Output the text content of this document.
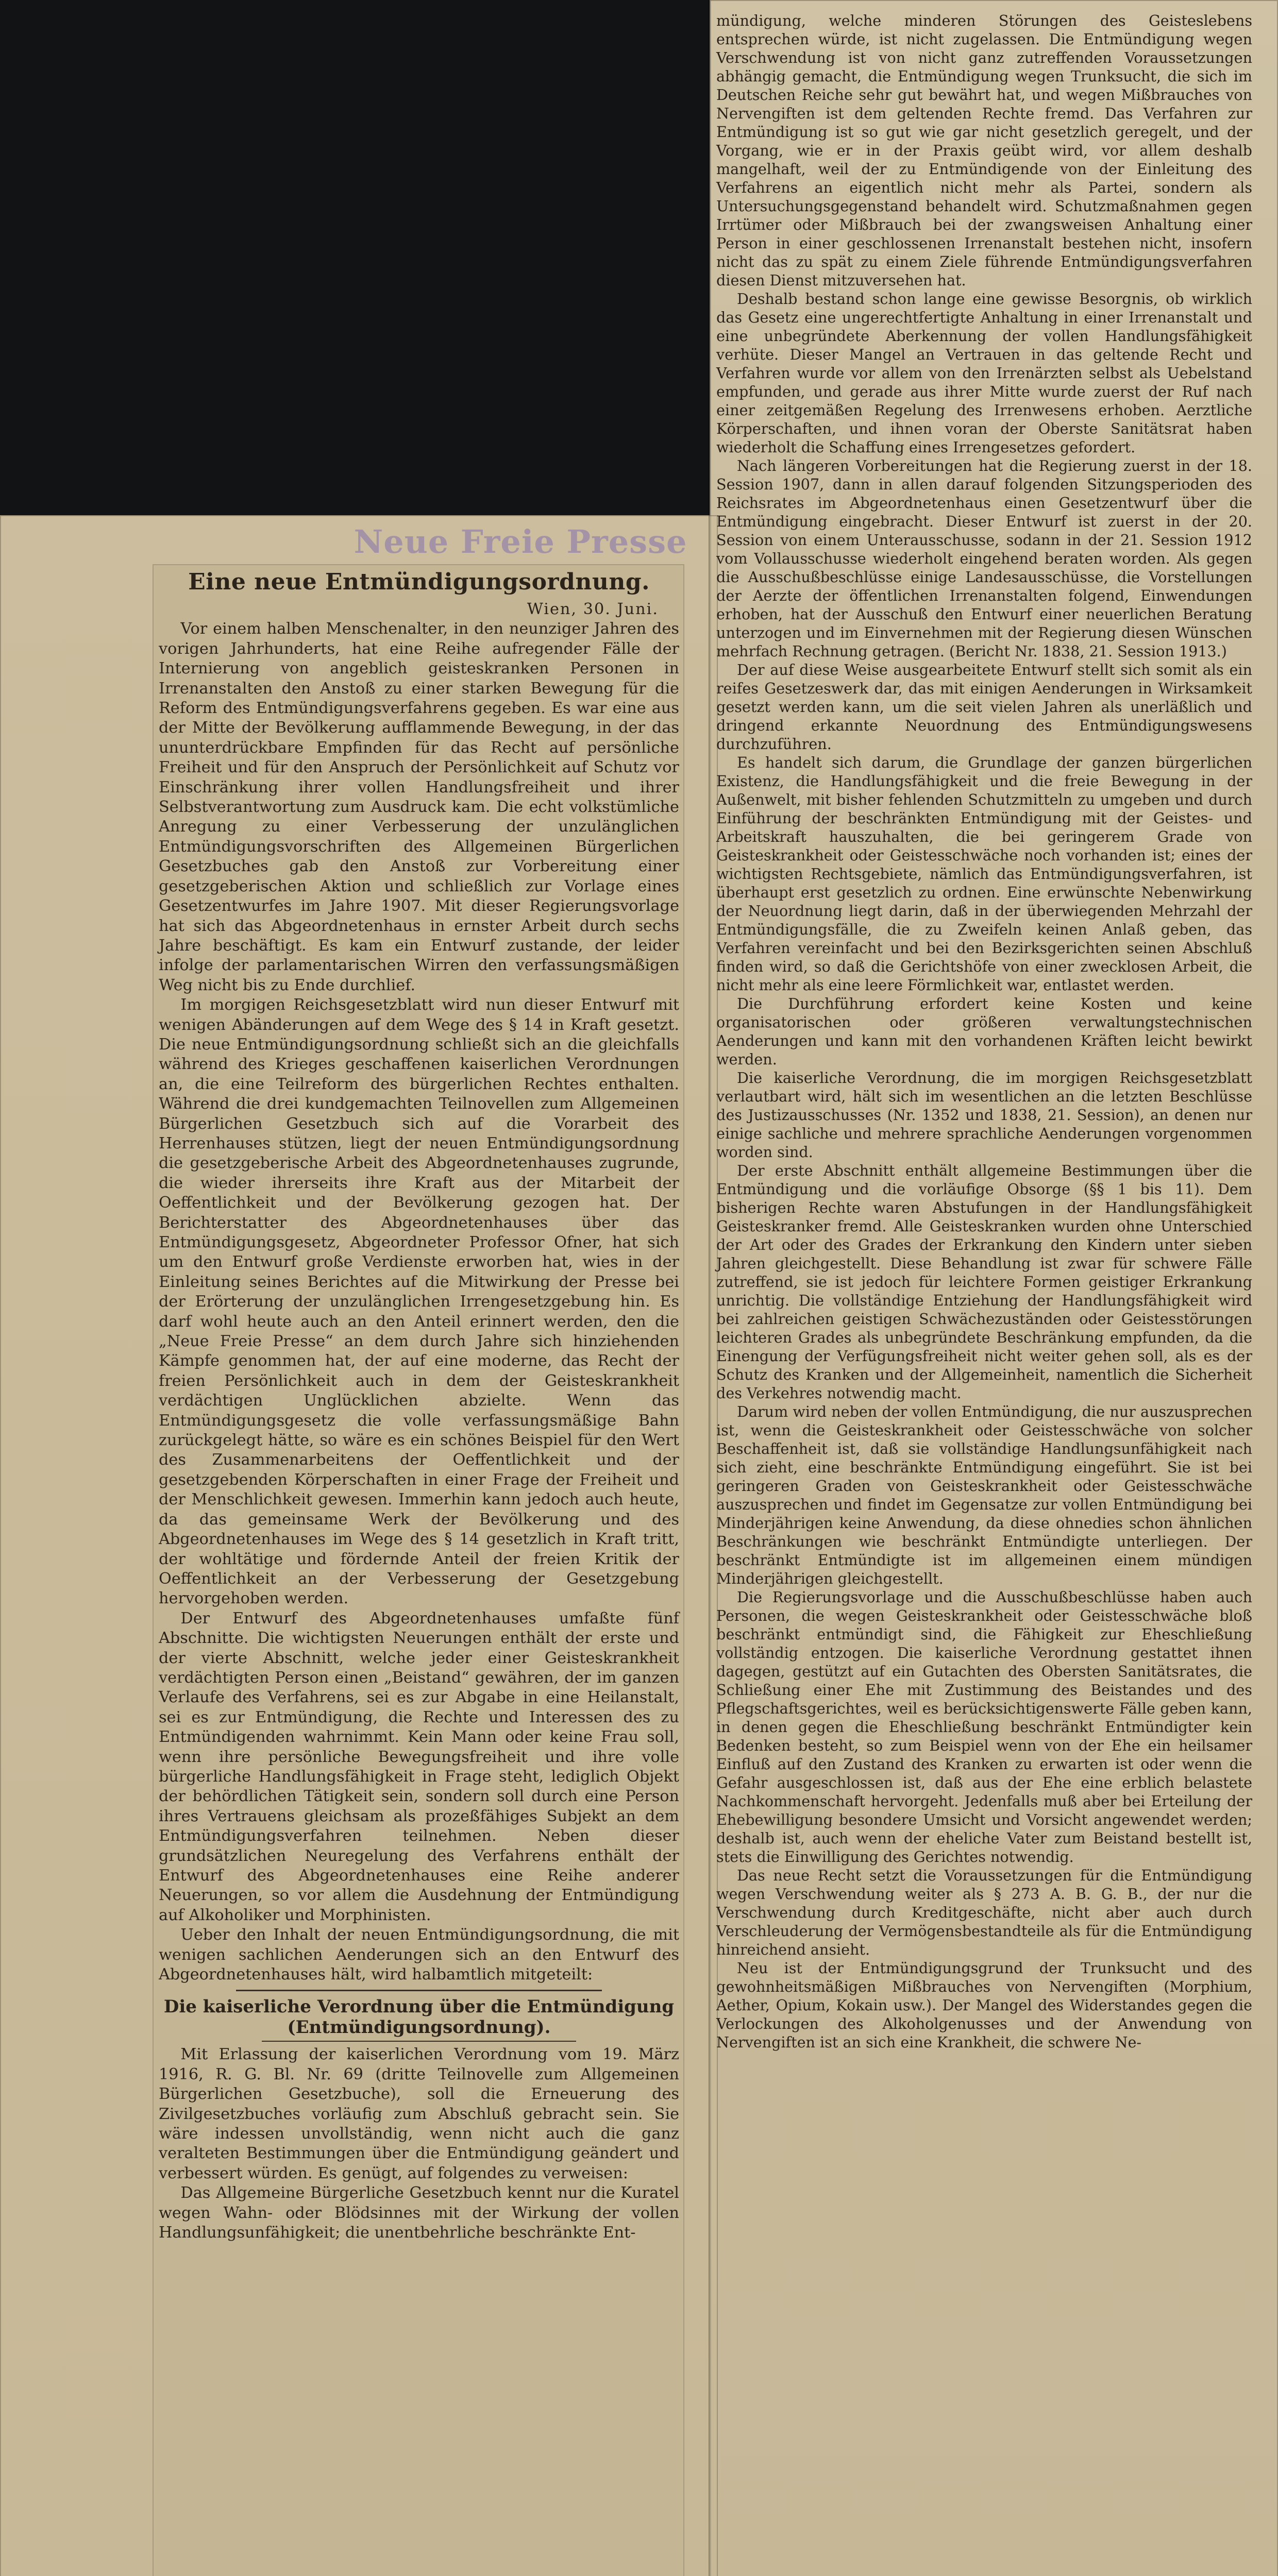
Neue Freie Presse

mündigung, welche minderen Störungen des Geisteslebens entsprechen würde, ist nicht zugelassen. Die Entmündigung wegen Verschwendung ist von nicht ganz zutreffenden Voraussetzungen abhängig gemacht, die Entmündigung wegen Trunksucht, die sich im Deutschen Reiche sehr gut bewährt hat, und wegen Mißbrauches von Nervengiften ist dem geltenden Rechte fremd. Das Verfahren zur Entmündigung ist so gut wie gar nicht gesetzlich geregelt, und der Vorgang, wie er in der Praxis geübt wird, vor allem deshalb mangelhaft, weil der zu Entmündigende von der Einleitung des Verfahrens an eigentlich nicht mehr als Partei, sondern als Untersuchungsgegenstand behandelt wird. Schutzmaßnahmen gegen Irrtümer oder Mißbrauch bei der zwangsweisen Anhaltung einer Person in einer geschlossenen Irrenanstalt bestehen nicht, insofern nicht das zu spät zu einem Ziele führende Entmündigungsverfahren diesen Dienst mitzuversehen hat.

Deshalb bestand schon lange eine gewisse Besorgnis, ob wirklich das Gesetz eine ungerechtfertigte Anhaltung in einer Irrenanstalt und eine unbegründete Aberkennung der vollen Handlungsfähigkeit verhüte. Dieser Mangel an Vertrauen in das geltende Recht und Verfahren wurde vor allem von den Irrenärzten selbst als Uebelstand empfunden, und gerade aus ihrer Mitte wurde zuerst der Ruf nach einer zeitgemäßen Regelung des Irrenwesens erhoben. Aerztliche Körperschaften, und ihnen voran der Oberste Sanitätsrat haben wiederholt die Schaffung eines Irrengesetzes gefordert.

Nach längeren Vorbereitungen hat die Regierung zuerst in der 18. Session 1907, dann in allen darauf folgenden Sitzungsperioden des Reichsrates im Abgeordnetenhaus einen Gesetzentwurf über die Entmündigung eingebracht. Dieser Entwurf ist zuerst in der 20. Session von einem Unterausschusse, sodann in der 21. Session 1912 vom Vollausschusse wiederholt eingehend beraten worden. Als gegen die Ausschußbeschlüsse einige Landesausschüsse, die Vorstellungen der Aerzte der öffentlichen Irrenanstalten folgend, Einwendungen erhoben, hat der Ausschuß den Entwurf einer neuerlichen Beratung unterzogen und im Einvernehmen mit der Regierung diesen Wünschen mehrfach Rechnung getragen. (Bericht Nr. 1838, 21. Session 1913.)

Der auf diese Weise ausgearbeitete Entwurf stellt sich somit als ein reifes Gesetzeswerk dar, das mit einigen Aenderungen in Wirksamkeit gesetzt werden kann, um die seit vielen Jahren als unerläßlich und dringend erkannte Neuordnung des Entmündigungswesens durchzuführen.

Es handelt sich darum, die Grundlage der ganzen bürgerlichen Existenz, die Handlungsfähigkeit und die freie Bewegung in der Außenwelt, mit bisher fehlenden Schutzmitteln zu umgeben und durch Einführung der beschränkten Entmündigung mit der Geistes- und Arbeitskraft hauszuhalten, die bei geringerem Grade von Geisteskrankheit oder Geistesschwäche noch vorhanden ist; eines der wichtigsten Rechtsgebiete, nämlich das Entmündigungsverfahren, ist überhaupt erst gesetzlich zu ordnen. Eine erwünschte Nebenwirkung der Neuordnung liegt darin, daß in der überwiegenden Mehrzahl der Entmündigungsfälle, die zu Zweifeln keinen Anlaß geben, das Verfahren vereinfacht und bei den Bezirksgerichten seinen Abschluß finden wird, so daß die Gerichtshöfe von einer zwecklosen Arbeit, die nicht mehr als eine leere Förmlichkeit war, entlastet werden.

Die Durchführung erfordert keine Kosten und keine organisatorischen oder größeren verwaltungstechnischen Aenderungen und kann mit den vorhandenen Kräften leicht bewirkt werden.

Die kaiserliche Verordnung, die im morgigen Reichsgesetzblatt verlautbart wird, hält sich im wesentlichen an die letzten Beschlüsse des Justizausschusses (Nr. 1352 und 1838, 21. Session), an denen nur einige sachliche und mehrere sprachliche Aenderungen vorgenommen worden sind.

Der erste Abschnitt enthält allgemeine Bestimmungen über die Entmündigung und die vorläufige Obsorge (§§ 1 bis 11). Dem bisherigen Rechte waren Abstufungen in der Handlungsfähigkeit Geisteskranker fremd. Alle Geisteskranken wurden ohne Unterschied der Art oder des Grades der Erkrankung den Kindern unter sieben Jahren gleichgestellt. Diese Behandlung ist zwar für schwere Fälle zutreffend, sie ist jedoch für leichtere Formen geistiger Erkrankung unrichtig. Die vollständige Entziehung der Handlungsfähigkeit wird bei zahlreichen geistigen Schwächezuständen oder Geistesstörungen leichteren Grades als unbegründete Beschränkung empfunden, da die Einengung der Verfügungsfreiheit nicht weiter gehen soll, als es der Schutz des Kranken und der Allgemeinheit, namentlich die Sicherheit des Verkehres notwendig macht.

Darum wird neben der vollen Entmündigung, die nur auszusprechen ist, wenn die Geisteskrankheit oder Geistesschwäche von solcher Beschaffenheit ist, daß sie vollständige Handlungsunfähigkeit nach sich zieht, eine beschränkte Entmündigung eingeführt. Sie ist bei geringeren Graden von Geisteskrankheit oder Geistesschwäche auszusprechen und findet im Gegensatze zur vollen Entmündigung bei Minderjährigen keine Anwendung, da diese ohnedies schon ähnlichen Beschränkungen wie beschränkt Entmündigte unterliegen. Der beschränkt Entmündigte ist im allgemeinen einem mündigen Minderjährigen gleichgestellt.

Die Regierungsvorlage und die Ausschußbeschlüsse haben auch Personen, die wegen Geisteskrankheit oder Geistesschwäche bloß beschränkt entmündigt sind, die Fähigkeit zur Eheschließung vollständig entzogen. Die kaiserliche Verordnung gestattet ihnen dagegen, gestützt auf ein Gutachten des Obersten Sanitätsrates, die Schließung einer Ehe mit Zustimmung des Beistandes und des Pflegschaftsgerichtes, weil es berücksichtigenswerte Fälle geben kann, in denen gegen die Eheschließung beschränkt Entmündigter kein Bedenken besteht, so zum Beispiel wenn von der Ehe ein heilsamer Einfluß auf den Zustand des Kranken zu erwarten ist oder wenn die Gefahr ausgeschlossen ist, daß aus der Ehe eine erblich belastete Nachkommenschaft hervorgeht. Jedenfalls muß aber bei Erteilung der Ehebewilligung besondere Umsicht und Vorsicht angewendet werden; deshalb ist, auch wenn der eheliche Vater zum Beistand bestellt ist, stets die Einwilligung des Gerichtes notwendig.

Das neue Recht setzt die Voraussetzungen für die Entmündigung wegen Verschwendung weiter als § 273 A. B. G. B., der nur die Verschwendung durch Kreditgeschäfte, nicht aber auch durch Verschleuderung der Vermögensbestandteile als für die Entmündigung hinreichend ansieht.

Neu ist der Entmündigungsgrund der Trunksucht und des gewohnheitsmäßigen Mißbrauches von Nervengiften (Morphium, Aether, Opium, Kokain usw.). Der Mangel des Widerstandes gegen die Verlockungen des Alkoholgenusses und der Anwendung von Nervengiften ist an sich eine Krankheit, die schwere Ne-

Eine neue Entmündigungsordnung.

Wien, 30. Juni.

Vor einem halben Menschenalter, in den neunziger Jahren des vorigen Jahrhunderts, hat eine Reihe aufregender Fälle der Internierung von angeblich geisteskranken Personen in Irrenanstalten den Anstoß zu einer starken Bewegung für die Reform des Entmündigungsverfahrens gegeben. Es war eine aus der Mitte der Bevölkerung aufflammende Bewegung, in der das ununterdrückbare Empfinden für das Recht auf persönliche Freiheit und für den Anspruch der Persönlichkeit auf Schutz vor Einschränkung ihrer vollen Handlungsfreiheit und ihrer Selbstverantwortung zum Ausdruck kam. Die echt volkstümliche Anregung zu einer Verbesserung der unzulänglichen Entmündigungsvorschriften des Allgemeinen Bürgerlichen Gesetzbuches gab den Anstoß zur Vorbereitung einer gesetzgeberischen Aktion und schließlich zur Vorlage eines Gesetzentwurfes im Jahre 1907. Mit dieser Regierungsvorlage hat sich das Abgeordnetenhaus in ernster Arbeit durch sechs Jahre beschäftigt. Es kam ein Entwurf zustande, der leider infolge der parlamentarischen Wirren den verfassungsmäßigen Weg nicht bis zu Ende durchlief.

Im morgigen Reichsgesetzblatt wird nun dieser Entwurf mit wenigen Abänderungen auf dem Wege des § 14 in Kraft gesetzt. Die neue Entmündigungsordnung schließt sich an die gleichfalls während des Krieges geschaffenen kaiserlichen Verordnungen an, die eine Teilreform des bürgerlichen Rechtes enthalten. Während die drei kundgemachten Teilnovellen zum Allgemeinen Bürgerlichen Gesetzbuch sich auf die Vorarbeit des Herrenhauses stützen, liegt der neuen Entmündigungsordnung die gesetzgeberische Arbeit des Abgeordnetenhauses zugrunde, die wieder ihrerseits ihre Kraft aus der Mitarbeit der Oeffentlichkeit und der Bevölkerung gezogen hat. Der Berichterstatter des Abgeordnetenhauses über das Entmündigungsgesetz, Abgeordneter Professor Ofner, hat sich um den Entwurf große Verdienste erworben hat, wies in der Einleitung seines Berichtes auf die Mitwirkung der Presse bei der Erörterung der unzulänglichen Irrengesetzgebung hin. Es darf wohl heute auch an den Anteil erinnert werden, den die „Neue Freie Presse“ an dem durch Jahre sich hinziehenden Kämpfe genommen hat, der auf eine moderne, das Recht der freien Persönlichkeit auch in dem der Geisteskrankheit verdächtigen Unglücklichen abzielte. Wenn das Entmündigungsgesetz die volle verfassungsmäßige Bahn zurückgelegt hätte, so wäre es ein schönes Beispiel für den Wert des Zusammenarbeitens der Oeffentlichkeit und der gesetzgebenden Körperschaften in einer Frage der Freiheit und der Menschlichkeit gewesen. Immerhin kann jedoch auch heute, da das gemeinsame Werk der Bevölkerung und des Abgeordnetenhauses im Wege des § 14 gesetzlich in Kraft tritt, der wohltätige und fördernde Anteil der freien Kritik der Oeffentlichkeit an der Verbesserung der Gesetzgebung hervorgehoben werden.

Der Entwurf des Abgeordnetenhauses umfaßte fünf Abschnitte. Die wichtigsten Neuerungen enthält der erste und der vierte Abschnitt, welche jeder einer Geisteskrankheit verdächtigten Person einen „Beistand“ gewähren, der im ganzen Verlaufe des Verfahrens, sei es zur Abgabe in eine Heilanstalt, sei es zur Entmündigung, die Rechte und Interessen des zu Entmündigenden wahrnimmt. Kein Mann oder keine Frau soll, wenn ihre persönliche Bewegungsfreiheit und ihre volle bürgerliche Handlungsfähigkeit in Frage steht, lediglich Objekt der behördlichen Tätigkeit sein, sondern soll durch eine Person ihres Vertrauens gleichsam als prozeßfähiges Subjekt an dem Entmündigungsverfahren teilnehmen. Neben dieser grundsätzlichen Neuregelung des Verfahrens enthält der Entwurf des Abgeordnetenhauses eine Reihe anderer Neuerungen, so vor allem die Ausdehnung der Entmündigung auf Alkoholiker und Morphinisten.

Ueber den Inhalt der neuen Entmündigungsordnung, die mit wenigen sachlichen Aenderungen sich an den Entwurf des Abgeordnetenhauses hält, wird halbamtlich mitgeteilt:

Die kaiserliche Verordnung über die Entmündigung
(Entmündigungsordnung).

Mit Erlassung der kaiserlichen Verordnung vom 19. März 1916, R. G. Bl. Nr. 69 (dritte Teilnovelle zum Allgemeinen Bürgerlichen Gesetzbuche), soll die Erneuerung des Zivilgesetzbuches vorläufig zum Abschluß gebracht sein. Sie wäre indessen unvollständig, wenn nicht auch die ganz veralteten Bestimmungen über die Entmündigung geändert und verbessert würden. Es genügt, auf folgendes zu verweisen:

Das Allgemeine Bürgerliche Gesetzbuch kennt nur die Kuratel wegen Wahn- oder Blödsinnes mit der Wirkung der vollen Handlungsunfähigkeit; die unentbehrliche beschränkte Ent-
